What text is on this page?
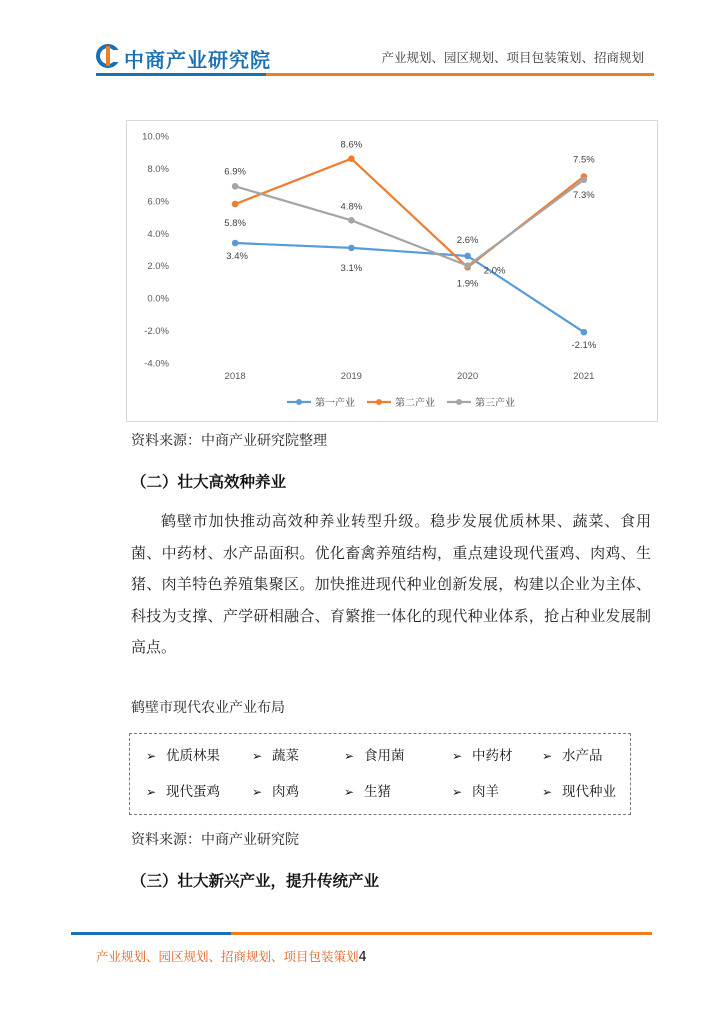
中商产业研究院	产业规划、园区规划、项目包装策划、招商规划
-4.0%
-2.0%
0.0%
2.0%
4.0%
6.0%
8.0%
10.0%
2018	2019	2020	2021
3.4%
3.1%
2.6%
-2.1%
5.8%
8.6%
1.9%
7.5%
6.9%
4.8%
2.0%
7.3%
第一产业	第二产业	第三产业
资料来源：中商产业研究院整理
（二）壮大高效种养业
鹤壁市加快推动高效种养业转型升级。稳步发展优质林果、蔬菜、食用菌、中药材、水产品面积。优化畜禽养殖结构，重点建设现代蛋鸡、肉鸡、生猪、肉羊特色养殖集聚区。加快推进现代种业创新发展，构建以企业为主体、科技为支撑、产学研相融合、育繁推一体化的现代种业体系，抢占种业发展制高点。
鹤壁市现代农业产业布局
➢ 优质林果	➢ 蔬菜	➢ 食用菌	➢ 中药材 ➢ 水产品
➢ 现代蛋鸡	➢ 肉鸡	➢ 生猪	➢ 肉羊	➢ 现代种业
资料来源：中商产业研究院
（三）壮大新兴产业，提升传统产业
产业规划、园区规划、招商规划、项目包装策划4
